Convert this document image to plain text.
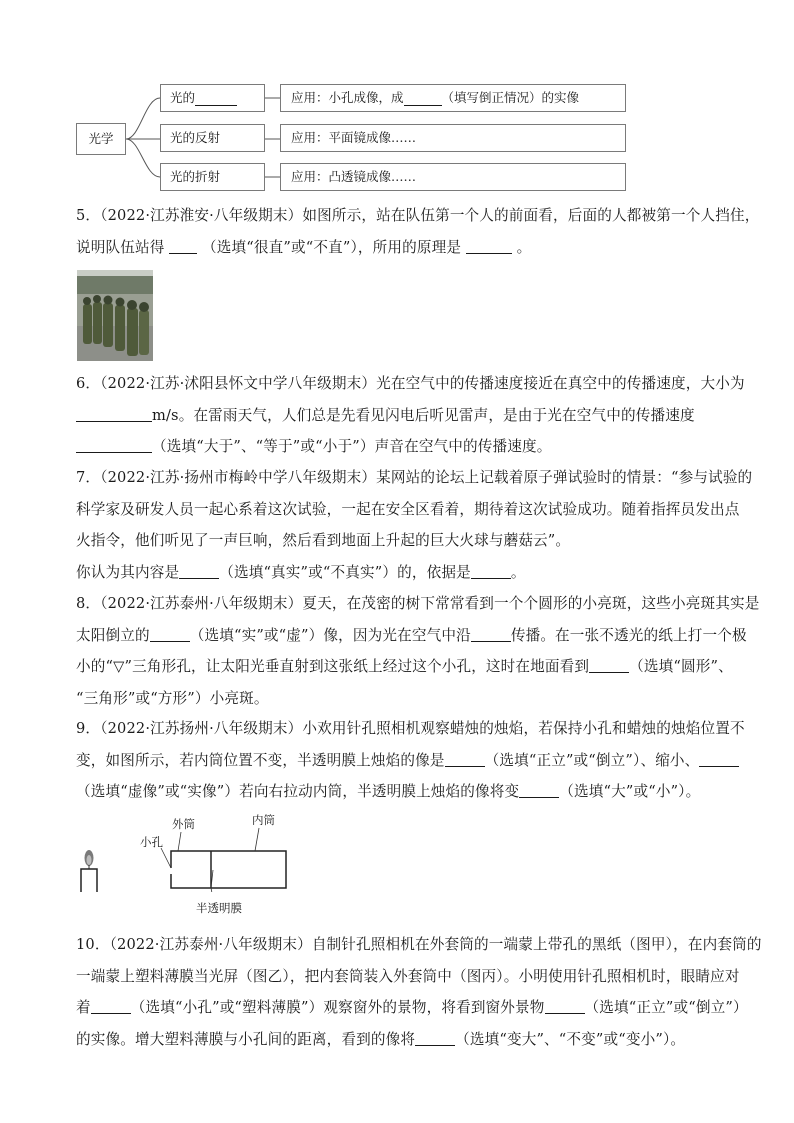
光学
光的
光的反射
光的折射
应用：小孔成像，成	（填写倒正情况）的实像
应用：平面镜成像……
应用：凸透镜成像……
5．（2022·江苏淮安·八年级期末）如图所示，站在队伍第一个人的前面看，后面的人都被第一个人挡住，
说明队伍站得  （选填“很直”或“不直”），所用的原理是	。
6．（2022·江苏·沭阳县怀文中学八年级期末）光在空气中的传播速度接近在真空中的传播速度，大小为
m/s。在雷雨天气，人们总是先看见闪电后听见雷声，是由于光在空气中的传播速度
（选填“大于”、“等于”或“小于”）声音在空气中的传播速度。
7．（2022·江苏·扬州市梅岭中学八年级期末）某网站的论坛上记载着原子弹试验时的情景：“参与试验的
科学家及研发人员一起心系着这次试验，一起在安全区看着，期待着这次试验成功。随着指挥员发出点
火指令，他们听见了一声巨响，然后看到地面上升起的巨大火球与蘑菇云”。
你认为其内容是	（选填“真实”或“不真实”）的，依据是	。
8．（2022·江苏泰州·八年级期末）夏天，在茂密的树下常常看到一个个圆形的小亮斑，这些小亮斑其实是
太阳倒立的	（选填“实”或“虚”）像，因为光在空气中沿	传播。在一张不透光的纸上打一个极
小的“▽”三角形孔，让太阳光垂直射到这张纸上经过这个小孔，这时在地面看到	（选填“圆形”、
“三角形”或“方形”）小亮斑。
9．（2022·江苏扬州·八年级期末）小欢用针孔照相机观察蜡烛的烛焰，若保持小孔和蜡烛的烛焰位置不
变，如图所示，若内筒位置不变，半透明膜上烛焰的像是	（选填“正立”或“倒立”）、缩小、
（选填“虚像”或“实像”）若向右拉动内筒，半透明膜上烛焰的像将变	（选填“大”或“小”）。
外筒	内筒
小孔
半透明膜
10．（2022·江苏泰州·八年级期末）自制针孔照相机在外套筒的一端蒙上带孔的黑纸（图甲），在内套筒的
一端蒙上塑料薄膜当光屏（图乙），把内套筒装入外套筒中（图丙）。小明使用针孔照相机时，眼睛应对
着	（选填“小孔”或“塑料薄膜”）观察窗外的景物，将看到窗外景物	（选填“正立”或“倒立”）
的实像。增大塑料薄膜与小孔间的距离，看到的像将	（选填“变大”、“不变”或“变小”）。
